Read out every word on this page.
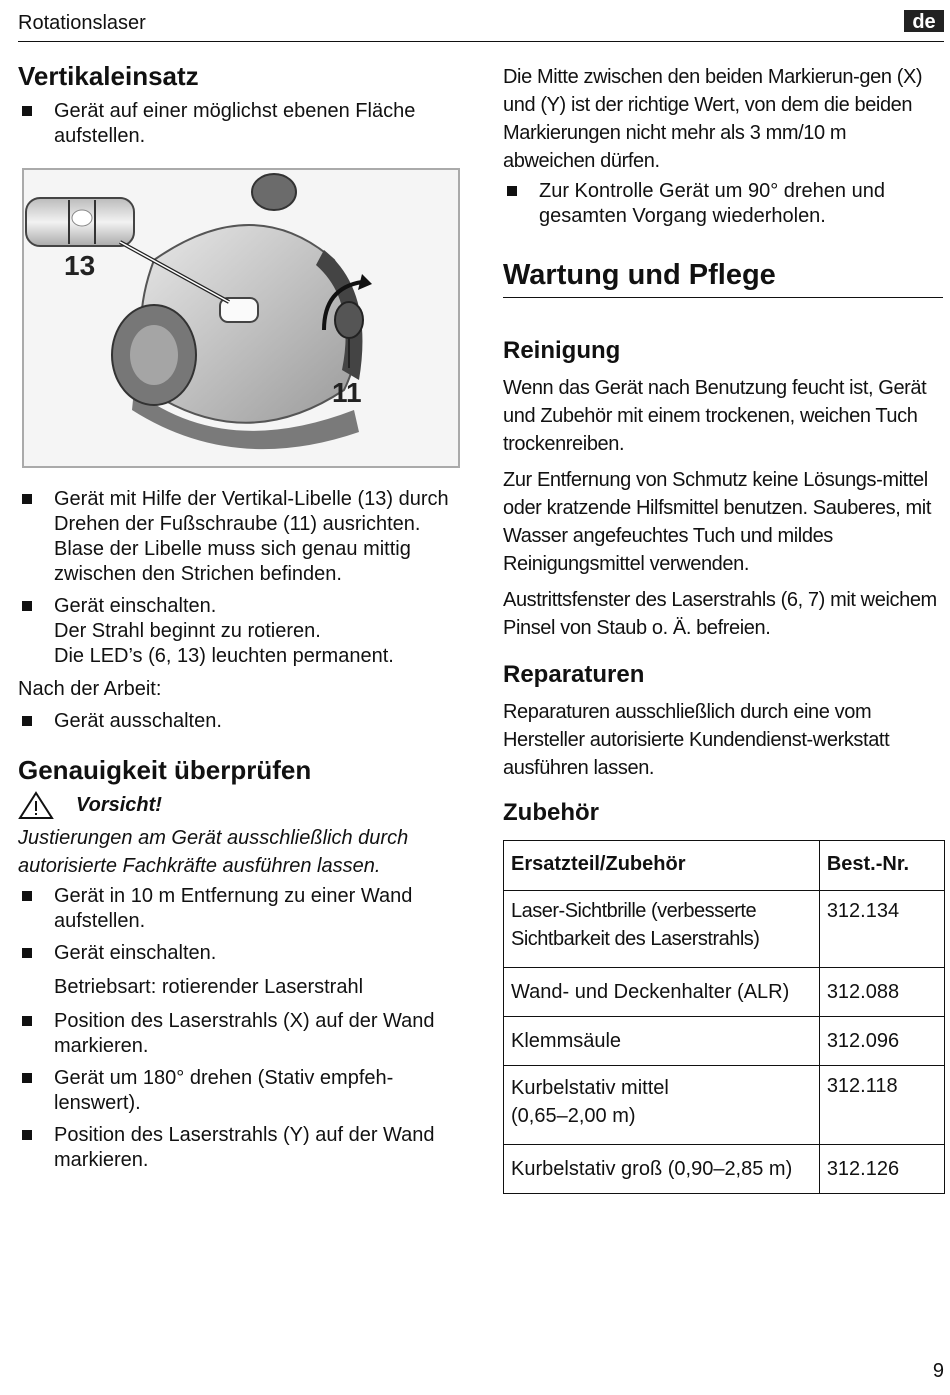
Rotationslaser	de
Vertikaleinsatz
Gerät auf einer möglichst ebenen Fläche aufstellen.
13
11
Gerät mit Hilfe der Vertikal-Libelle (13) durch Drehen der Fußschraube (11) ausrichten. Blase der Libelle muss sich genau mittig zwischen den Strichen befinden.
Gerät einschalten.
Der Strahl beginnt zu rotieren.
Die LED’s (6, 13) leuchten permanent.

Nach der Arbeit:

Gerät ausschalten.
Genauigkeit überprüfen
Vorsicht!
Justierungen am Gerät ausschließlich durch autorisierte Fachkräfte ausführen lassen.
Gerät in 10 m Entfernung zu einer Wand aufstellen.
Gerät einschalten.
Betriebsart: rotierender Laserstrahl
Position des Laserstrahls (X) auf der Wand markieren.
Gerät um 180° drehen (Stativ empfeh-lenswert).
Position des Laserstrahls (Y) auf der Wand markieren.

Die Mitte zwischen den beiden Markierun-gen (X) und (Y) ist der richtige Wert, von dem die beiden Markierungen nicht mehr als 3 mm/10 m abweichen dürfen.

Zur Kontrolle Gerät um 90° drehen und gesamten Vorgang wiederholen.
Wartung und Pflege
Reinigung

Wenn das Gerät nach Benutzung feucht ist, Gerät und Zubehör mit einem trockenen, weichen Tuch trockenreiben.

Zur Entfernung von Schmutz keine Lösungs-mittel oder kratzende Hilfsmittel benutzen. Sauberes, mit Wasser angefeuchtes Tuch und mildes Reinigungsmittel verwenden.

Austrittsfenster des Laserstrahls (6, 7) mit weichem Pinsel von Staub o. Ä. befreien.

Reparaturen

Reparaturen ausschließlich durch eine vom Hersteller autorisierte Kundendienst-werkstatt ausführen lassen.

Zubehör
Ersatzteil/Zubehör	Best.-Nr.
Laser-Sichtbrille (verbesserte Sichtbarkeit des Laserstrahls)	312.134
Wand- und Deckenhalter (ALR)	312.088
Klemmsäule	312.096

Kurbelstativ mittel (0,65–2,00 m)	312.118
Kurbelstativ groß (0,90–2,85 m)	312.126
9
